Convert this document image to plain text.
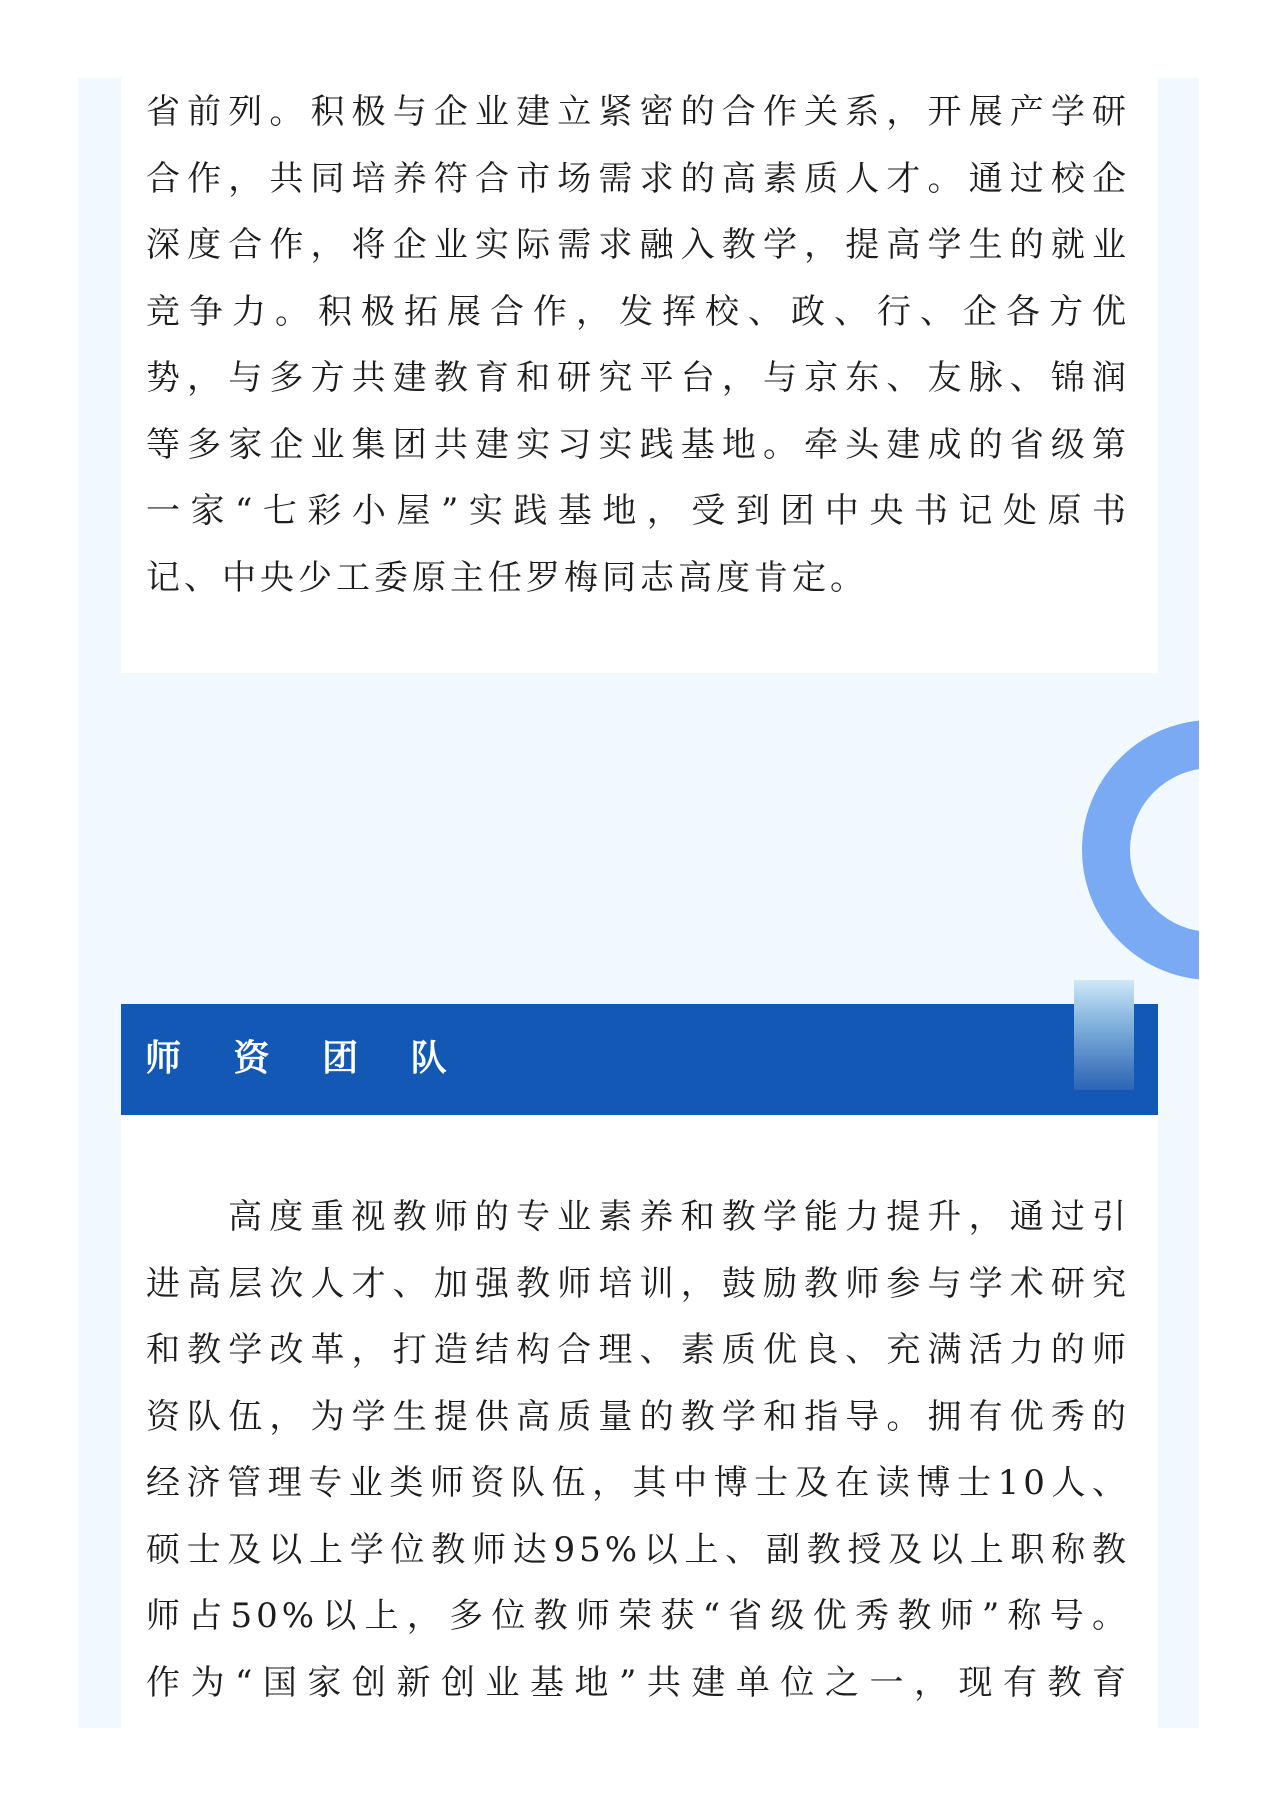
省前列。积极与企业建立紧密的合作关系，开展产学研
合作，共同培养符合市场需求的高素质人才。通过校企
深度合作，将企业实际需求融入教学，提高学生的就业
竞争力。积极拓展合作，发挥校、政、行、企各方优
势，与多方共建教育和研究平台，与京东、友脉、锦润
等多家企业集团共建实习实践基地。牵头建成的省级第
一家“七彩小屋”实践基地，受到团中央书记处原书
记、中央少工委原主任罗梅同志高度肯定。
师 资 团 队
高度重视教师的专业素养和教学能力提升，通过引
进高层次人才、加强教师培训，鼓励教师参与学术研究
和教学改革，打造结构合理、素质优良、充满活力的师
资队伍，为学生提供高质量的教学和指导。拥有优秀的
经济管理专业类师资队伍，其中博士及在读博士10人、
硕士及以上学位教师达95%以上、副教授及以上职称教
师占50%以上，多位教师荣获“省级优秀教师”称号。
作为“国家创新创业基地”共建单位之一，现有教育
